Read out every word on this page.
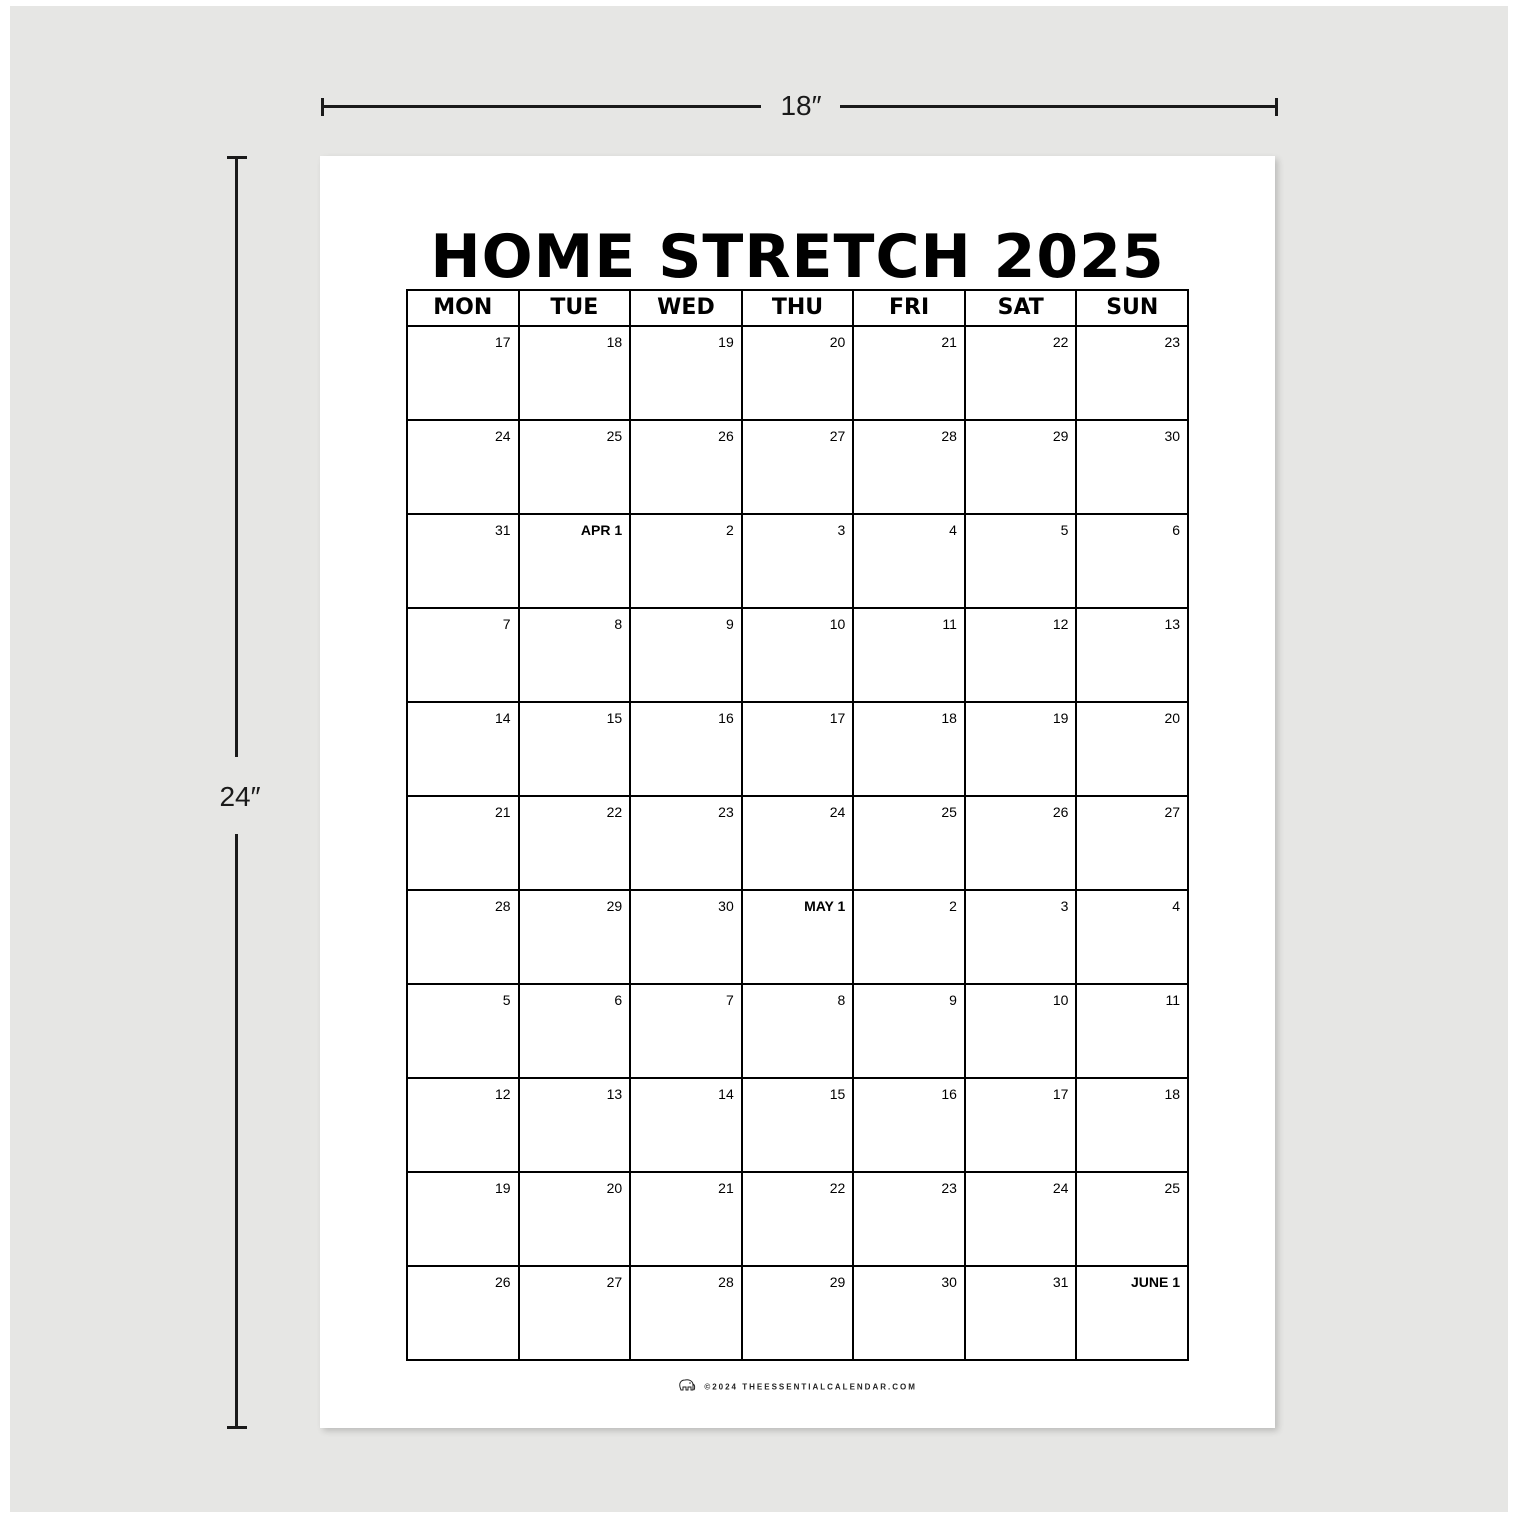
18″
24″
HOME STRETCH 2025
MON	TUE	WED	THU	FRI	SAT	SUN
17	18	19	20	21	22	23
24	25	26	27	28	29	30
31	APR 1	2	3	4	5	6
7	8	9	10	11	12	13
14	15	16	17	18	19	20
21	22	23	24	25	26	27
28	29	30	MAY 1	2	3	4
5	6	7	8	9	10	11
12	13	14	15	16	17	18
19	20	21	22	23	24	25
26	27	28	29	30	31	JUNE 1
©2024 THEESSENTIALCALENDAR.COM
